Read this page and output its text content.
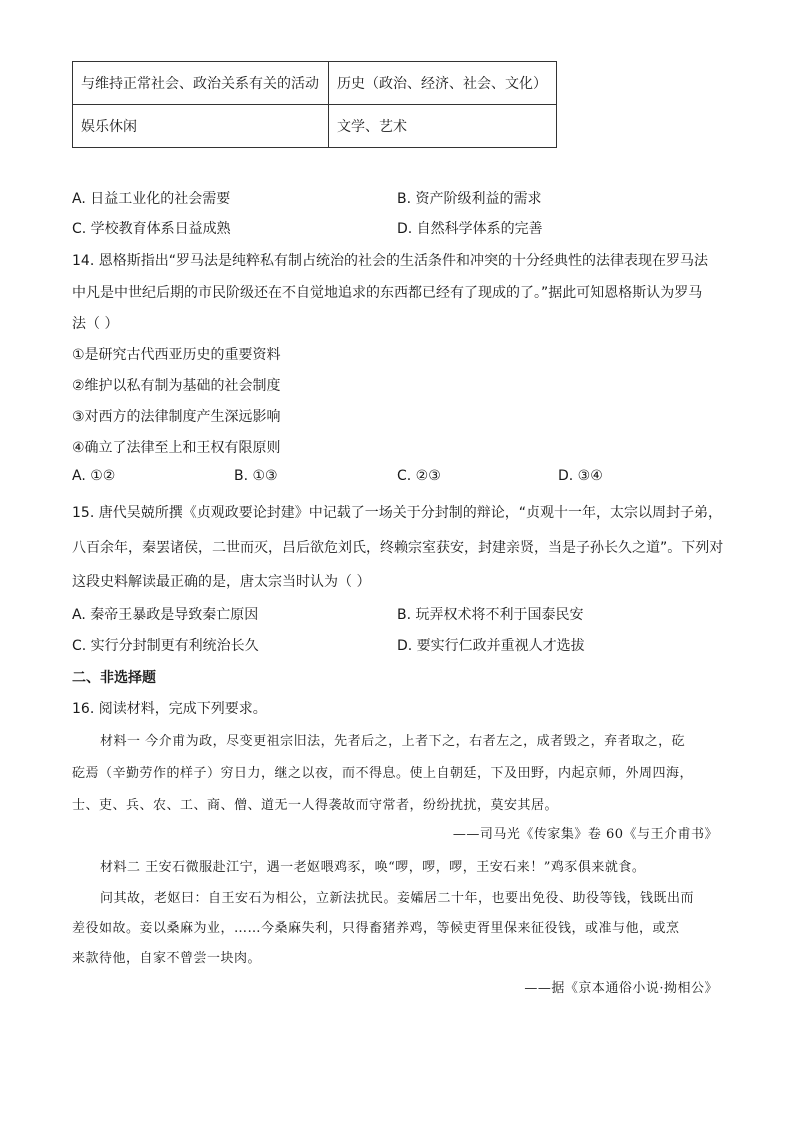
与维持正常社会、政治关系有关的活动	历史（政治、经济、社会、文化）
娱乐休闲	文学、艺术
A. 日益工业化的社会需要	B. 资产阶级利益的需求
C. 学校教育体系日益成熟	D. 自然科学体系的完善
14. 恩格斯指出“罗马法是纯粹私有制占统治的社会的生活条件和冲突的十分经典性的法律表现在罗马法
中凡是中世纪后期的市民阶级还在不自觉地追求的东西都已经有了现成的了。”据此可知恩格斯认为罗马
法（ ）
①是研究古代西亚历史的重要资料
②维护以私有制为基础的社会制度
③对西方的法律制度产生深远影响
④确立了法律至上和王权有限原则
A. ①②	B. ①③	C. ②③	D. ③④
15. 唐代吴兢所撰《贞观政要论封建》中记载了一场关于分封制的辩论，“贞观十一年，太宗以周封子弟，
八百余年，秦罢诸侯，二世而灭，吕后欲危刘氏，终赖宗室获安，封建亲贤，当是子孙长久之道”。下列对
这段史料解读最正确的是，唐太宗当时认为（ ）
A. 秦帝王暴政是导致秦亡原因	B. 玩弄权术将不利于国泰民安
C. 实行分封制更有利统治长久	D. 要实行仁政并重视人才选拔
二、非选择题
16. 阅读材料，完成下列要求。
材料一 今介甫为政，尽变更祖宗旧法，先者后之，上者下之，右者左之，成者毁之，弃者取之，矻
矻焉（辛勤劳作的样子）穷日力，继之以夜，而不得息。使上自朝廷，下及田野，内起京师，外周四海，
士、吏、兵、农、工、商、僧、道无一人得袭故而守常者，纷纷扰扰，莫安其居。
——司马光《传家集》卷 60《与王介甫书》
材料二 王安石微服赴江宁，遇一老妪喂鸡豕，唤“啰，啰，啰，王安石来！”鸡豕俱来就食。
问其故，老妪曰：自王安石为相公，立新法扰民。妾孀居二十年，也要出免役、助役等钱，钱既出而
差役如故。妾以桑麻为业，……今桑麻失利，只得畜猪养鸡，等候吏胥里保来征役钱，或准与他，或烹
来款待他，自家不曾尝一块肉。
——据《京本通俗小说·拗相公》
